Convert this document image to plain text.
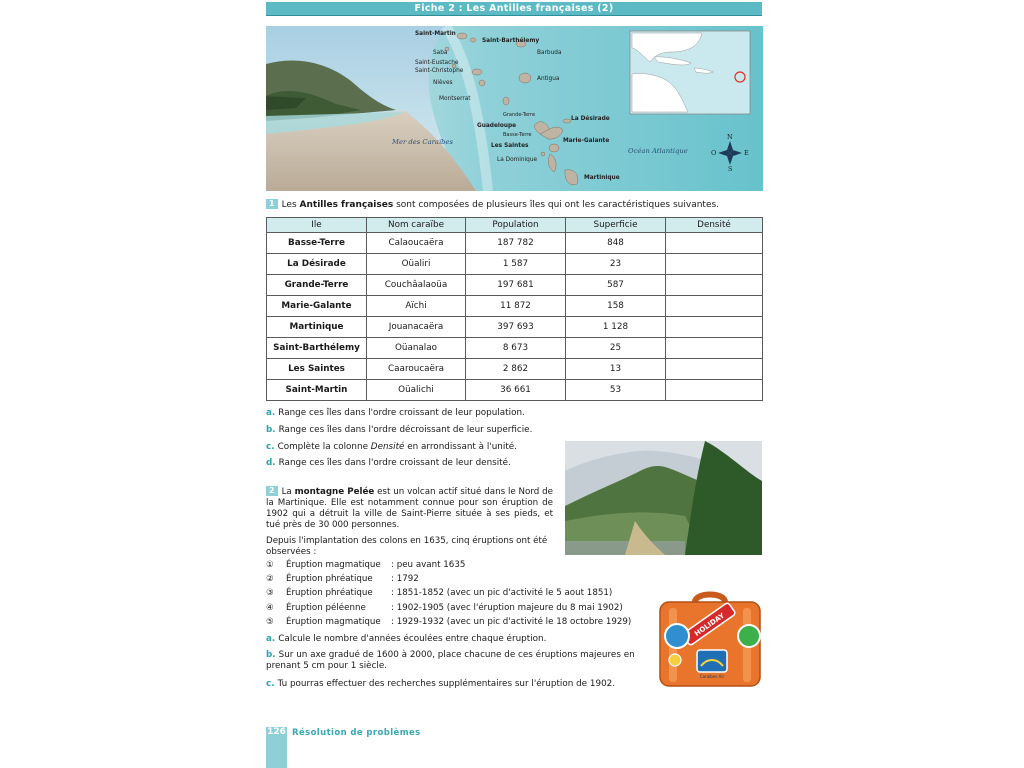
Fiche 2 : Les Antilles françaises (2)
Saint-Martin
Saint-Barthélemy
Saba	Barbuda
Saint-Eustache
Saint-Christophe
Antigua
Nièves
Montserrat
Grande-Terre
La Désirade
Guadeloupe
Basse-Terre
Marie-Galante
Les Saintes
La Dominique
Martinique
Mer des Caraïbes
Océan Atlantique
N
S
E
O
1 Les Antilles françaises sont composées de plusieurs îles qui ont les caractéristiques suivantes.
Ile	Nom caraïbe	Population	Superficie	Densité
Basse-Terre	Calaoucaëra	187 782	848	
La Désirade	Oüaliri	1 587	23	
Grande-Terre	Couchâalaoüa	197 681	587	
Marie-Galante	Aïchi	11 872	158	
Martinique	Jouanacaëra	397 693	1 128	
Saint-Barthélemy	Oüanalao	8 673	25	
Les Saintes	Caaroucaëra	2 862	13	
Saint-Martin	Oüalichi	36 661	53	
a. Range ces îles dans l'ordre croissant de leur population.
b. Range ces îles dans l'ordre décroissant de leur superficie.
c. Complète la colonne Densité en arrondissant à l'unité.
d. Range ces îles dans l'ordre croissant de leur densité.
2 La montagne Pelée est un volcan actif situé dans le Nord de la Martinique. Elle est notamment connue pour son éruption de 1902 qui a détruit la ville de Saint-Pierre située à ses pieds, et tué près de 30 000 personnes.
Depuis l'implantation des colons en 1635, cinq éruptions ont été observées :
① Éruption magmatique : peu avant 1635
② Éruption phréatique : 1792
③ Éruption phréatique : 1851-1852 (avec un pic d'activité le 5 aout 1851)
④ Éruption péléenne	: 1902-1905 (avec l'éruption majeure du 8 mai 1902)
⑤ Éruption magmatique : 1929-1932 (avec un pic d'activité le 18 octobre 1929)
a. Calcule le nombre d'années écoulées entre chaque éruption.
b. Sur un axe gradué de 1600 à 2000, place chacune de ces éruptions majeures en prenant 5 cm pour 1 siècle.
c. Tu pourras effectuer des recherches supplémentaires sur l'éruption de 1902.
HOLIDAY
Caraibes Air
126 Résolution de problèmes
